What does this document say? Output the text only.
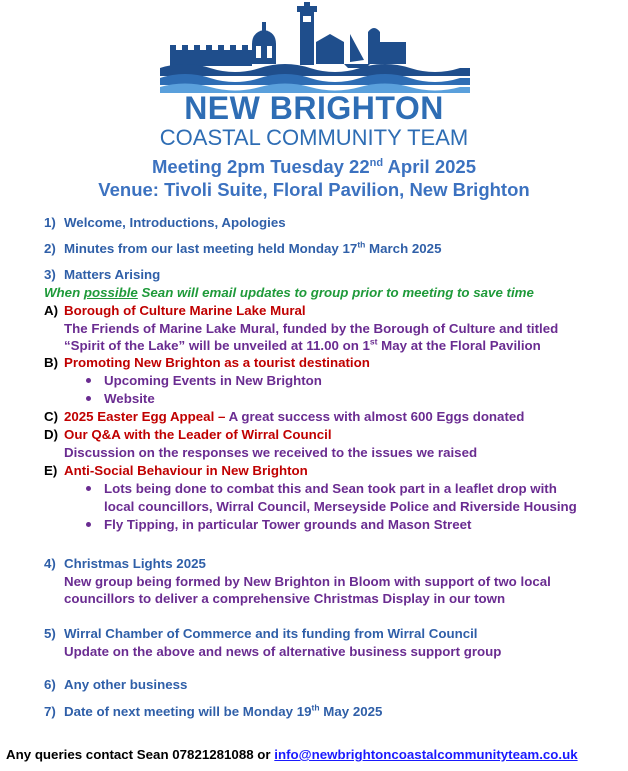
NEW BRIGHTON
COASTAL COMMUNITY TEAM
Meeting 2pm Tuesday 22nd April 2025
Venue: Tivoli Suite, Floral Pavilion, New Brighton
1) Welcome, Introductions, Apologies
2) Minutes from our last meeting held Monday 17th March 2025
3) Matters Arising
When possible Sean will email updates to group prior to meeting to save time
A) Borough of Culture Marine Lake Mural
The Friends of Marine Lake Mural, funded by the Borough of Culture and titled
“Spirit of the Lake” will be unveiled at 11.00 on 1st May at the Floral Pavilion
B) Promoting New Brighton as a tourist destination
Upcoming Events in New Brighton
Website
C) 2025 Easter Egg Appeal – A great success with almost 600 Eggs donated
D) Our Q&A with the Leader of Wirral Council
Discussion on the responses we received to the issues we raised
E) Anti-Social Behaviour in New Brighton
Lots being done to combat this and Sean took part in a leaflet drop with
local councillors, Wirral Council, Merseyside Police and Riverside Housing
Fly Tipping, in particular Tower grounds and Mason Street
4) Christmas Lights 2025
New group being formed by New Brighton in Bloom with support of two local
councillors to deliver a comprehensive Christmas Display in our town
5) Wirral Chamber of Commerce and its funding from Wirral Council
Update on the above and news of alternative business support group
6) Any other business
7) Date of next meeting will be Monday 19th May 2025
Any queries contact Sean 07821281088 or info@newbrightoncoastalcommunityteam.co.uk
